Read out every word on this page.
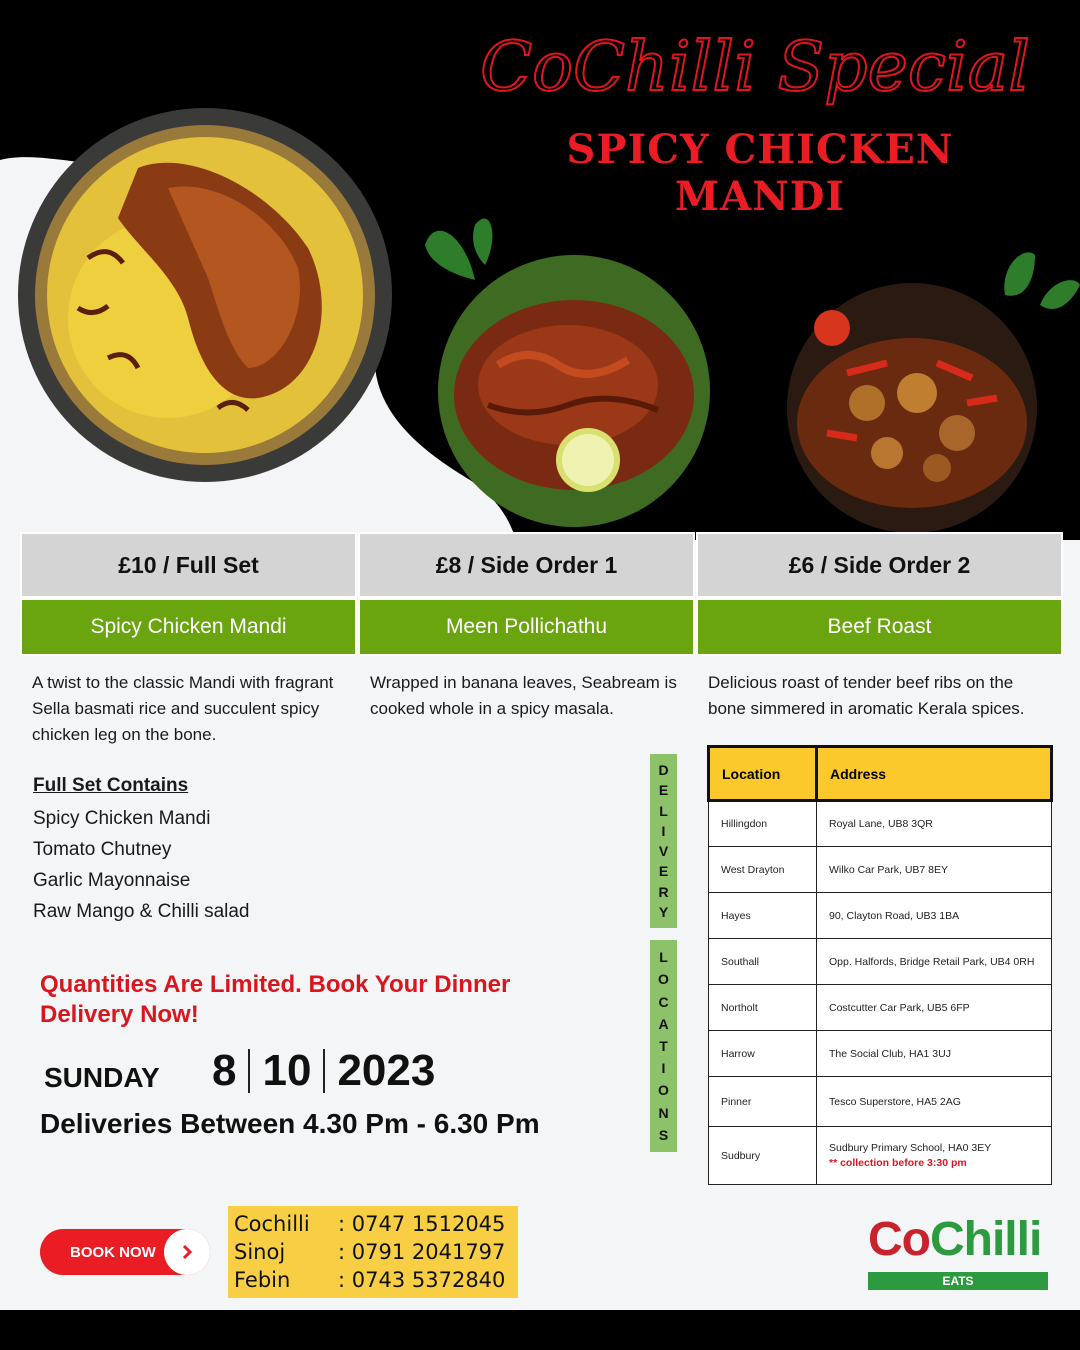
CoChilli Special
SPICY CHICKEN MANDI
£10 / Full Set
Spicy Chicken Mandi
A twist to the classic Mandi with fragrant Sella basmati rice and succulent spicy chicken leg on the bone.
£8 / Side Order 1
Meen Pollichathu
Wrapped in banana leaves, Seabream is cooked whole in a spicy masala.
£6 / Side Order 2
Beef Roast
Delicious roast of tender beef ribs on the bone simmered in aromatic Kerala spices.
Full Set Contains
Spicy Chicken Mandi
Tomato Chutney
Garlic Mayonnaise
Raw Mango & Chilli salad
D
E
L
I
V
E
R
Y
L
O
C
A
T
I
O
N
S
Location	Address
Hillingdon	Royal Lane, UB8 3QR
West Drayton	Wilko Car Park, UB7 8EY
Hayes	90, Clayton Road, UB3 1BA
Southall	Opp. Halfords, Bridge Retail Park, UB4 0RH
Northolt	Costcutter Car Park, UB5 6FP
Harrow	The Social Club, HA1 3UJ
Pinner	Tesco Superstore, HA5 2AG
Sudbury	Sudbury Primary School, HA0 3EY
** collection before 3:30 pm
Quantities Are Limited. Book Your Dinner Delivery Now!
SUNDAY 8 10 2023
Deliveries Between 4.30 Pm - 6.30 Pm
BOOK NOW
Cochilli	: 0747 1512045
Sinoj	: 0791 2041797
Febin	: 0743 5372840
CoChilli
EATS
